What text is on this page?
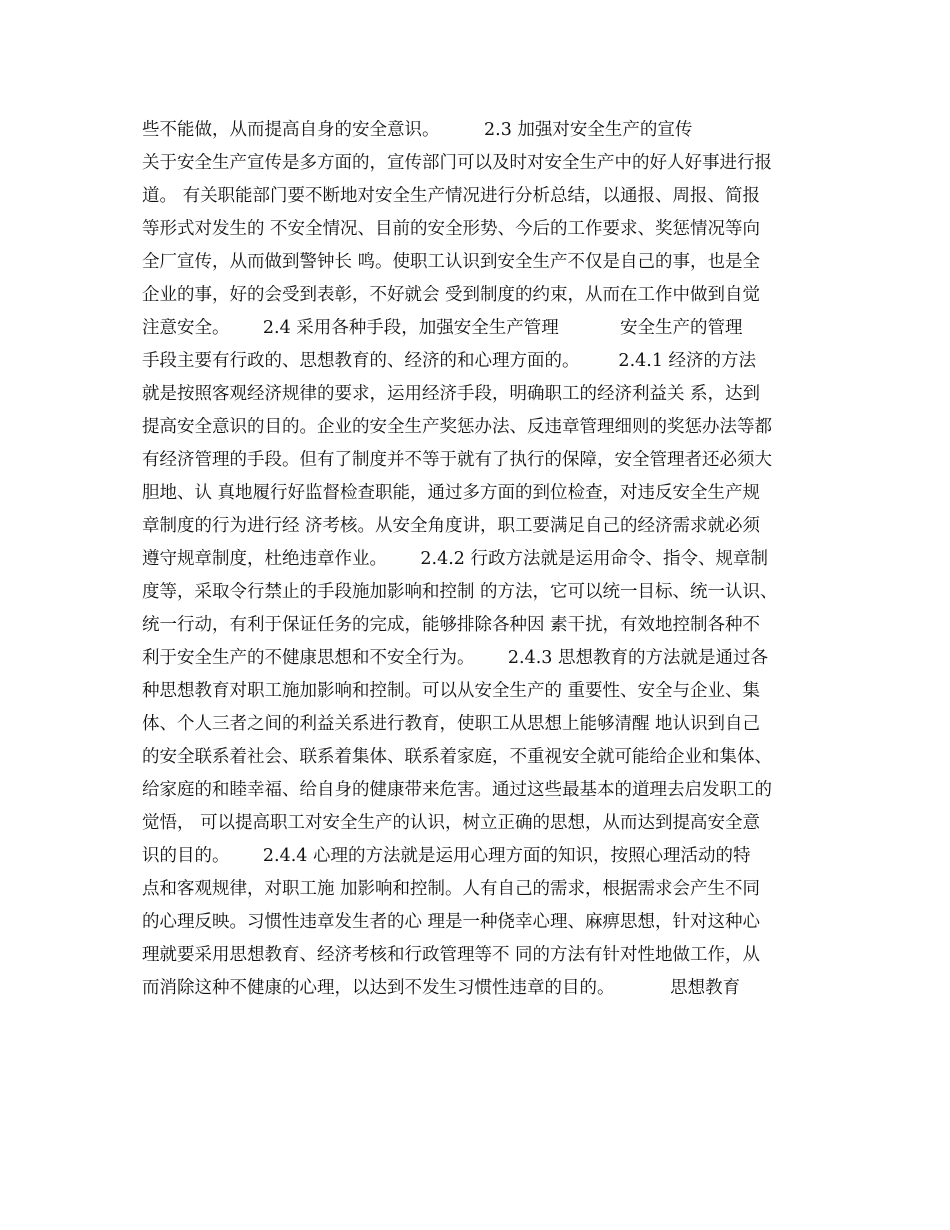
些不能做，从而提高自身的安全意识。        2.3 加强对安全生产的宣传
关于安全生产宣传是多方面的，宣传部门可以及时对安全生产中的好人好事进行报
道。 有关职能部门要不断地对安全生产情况进行分析总结，以通报、周报、简报
等形式对发生的 不安全情况、目前的安全形势、今后的工作要求、奖惩情况等向
全厂宣传，从而做到警钟长 鸣。使职工认识到安全生产不仅是自己的事，也是全
企业的事，好的会受到表彰，不好就会 受到制度的约束，从而在工作中做到自觉
注意安全。      2.4 采用各种手段，加强安全生产管理           安全生产的管理
手段主要有行政的、思想教育的、经济的和心理方面的。       2.4.1 经济的方法
就是按照客观经济规律的要求，运用经济手段，明确职工的经济利益关 系，达到
提高安全意识的目的。企业的安全生产奖惩办法、反违章管理细则的奖惩办法等都
有经济管理的手段。但有了制度并不等于就有了执行的保障，安全管理者还必须大
胆地、认 真地履行好监督检查职能，通过多方面的到位检查，对违反安全生产规
章制度的行为进行经 济考核。从安全角度讲，职工要满足自己的经济需求就必须
遵守规章制度，杜绝违章作业。      2.4.2 行政方法就是运用命令、指令、规章制
度等，采取令行禁止的手段施加影响和控制 的方法，它可以统一目标、统一认识、
统一行动，有利于保证任务的完成，能够排除各种因 素干扰，有效地控制各种不
利于安全生产的不健康思想和不安全行为。      2.4.3 思想教育的方法就是通过各
种思想教育对职工施加影响和控制。可以从安全生产的 重要性、安全与企业、集
体、个人三者之间的利益关系进行教育，使职工从思想上能够清醒 地认识到自己
的安全联系着社会、联系着集体、联系着家庭，不重视安全就可能给企业和集体、
给家庭的和睦幸福、给自身的健康带来危害。通过这些最基本的道理去启发职工的
觉悟， 可以提高职工对安全生产的认识，树立正确的思想，从而达到提高安全意
识的目的。      2.4.4 心理的方法就是运用心理方面的知识，按照心理活动的特
点和客观规律，对职工施 加影响和控制。人有自己的需求，根据需求会产生不同
的心理反映。习惯性违章发生者的心 理是一种侥幸心理、麻痹思想，针对这种心
理就要采用思想教育、经济考核和行政管理等不 同的方法有针对性地做工作，从
而消除这种不健康的心理，以达到不发生习惯性违章的目的。          思想教育
